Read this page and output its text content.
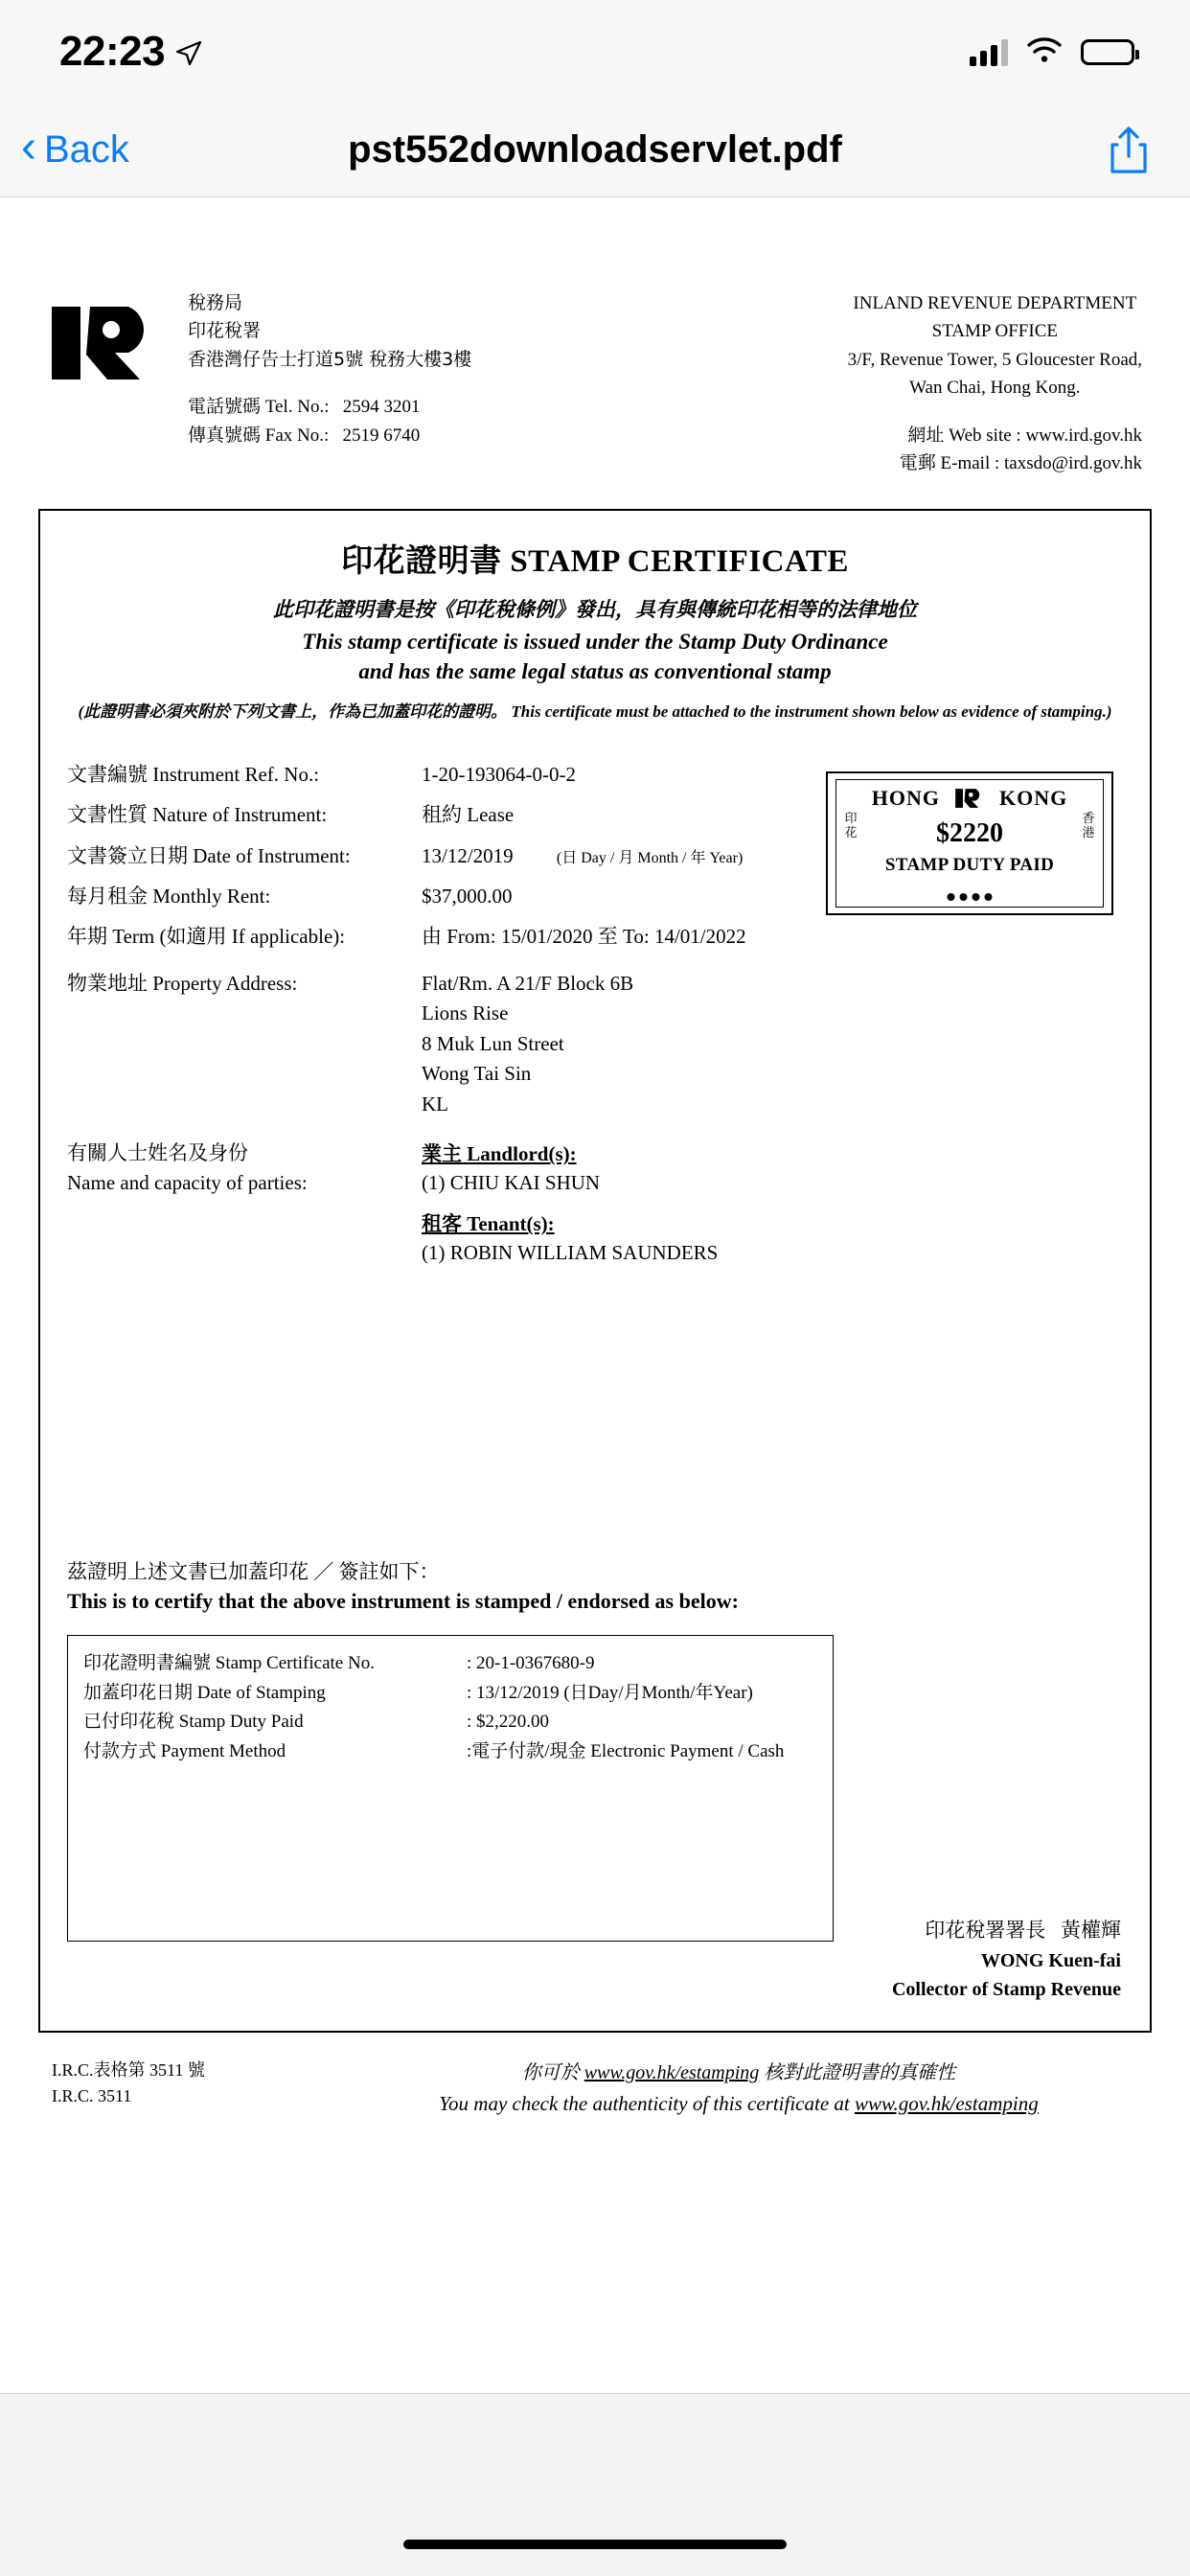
22:23
‹ Back	pst552downloadservlet.pdf
稅務局
印花稅署
香港灣仔告士打道5號 稅務大樓3樓
電話號碼 Tel. No.: 2594 3201
傳真號碼 Fax No.: 2519 6740
INLAND REVENUE DEPARTMENT
STAMP OFFICE
3/F, Revenue Tower, 5 Gloucester Road,
Wan Chai, Hong Kong.
網址 Web site : www.ird.gov.hk
電郵 E-mail : taxsdo@ird.gov.hk
印花證明書 STAMP CERTIFICATE
此印花證明書是按《印花稅條例》發出，具有與傳統印花相等的法律地位
This stamp certificate is issued under the Stamp Duty Ordinance
and has the same legal status as conventional stamp
(此證明書必須夾附於下列文書上，作為已加蓋印花的證明。 This certificate must be attached to the instrument shown below as evidence of stamping.)
HONG	KONG
印花
香港
$2220
STAMP DUTY PAID
文書編號 Instrument Ref. No.:	1-20-193064-0-0-2
文書性質 Nature of Instrument:	租約 Lease
文書簽立日期 Date of Instrument:	13/12/2019	(日 Day / 月 Month / 年 Year)
每月租金 Monthly Rent:	$37,000.00
年期 Term (如適用 If applicable):	由 From: 15/01/2020 至 To: 14/01/2022
物業地址 Property Address:	Flat/Rm. A 21/F Block 6B
Lions Rise
8 Muk Lun Street
Wong Tai Sin
KL
有關人士姓名及身份
Name and capacity of parties:
業主 Landlord(s):
(1) CHIU KAI SHUN
租客 Tenant(s):
(1) ROBIN WILLIAM SAUNDERS
茲證明上述文書已加蓋印花 ／ 簽註如下：
This is to certify that the above instrument is stamped / endorsed as below:
印花證明書編號 Stamp Certificate No.	: 20-1-0367680-9
加蓋印花日期 Date of Stamping	: 13/12/2019 (日Day/月Month/年Year)
已付印花稅 Stamp Duty Paid	: $2,220.00
付款方式 Payment Method	:電子付款/現金 Electronic Payment / Cash
印花稅署署長 黃權輝
WONG Kuen-fai
Collector of Stamp Revenue
I.R.C.表格第 3511 號
I.R.C. 3511
你可於 www.gov.hk/estamping 核對此證明書的真確性
You may check the authenticity of this certificate at www.gov.hk/estamping
